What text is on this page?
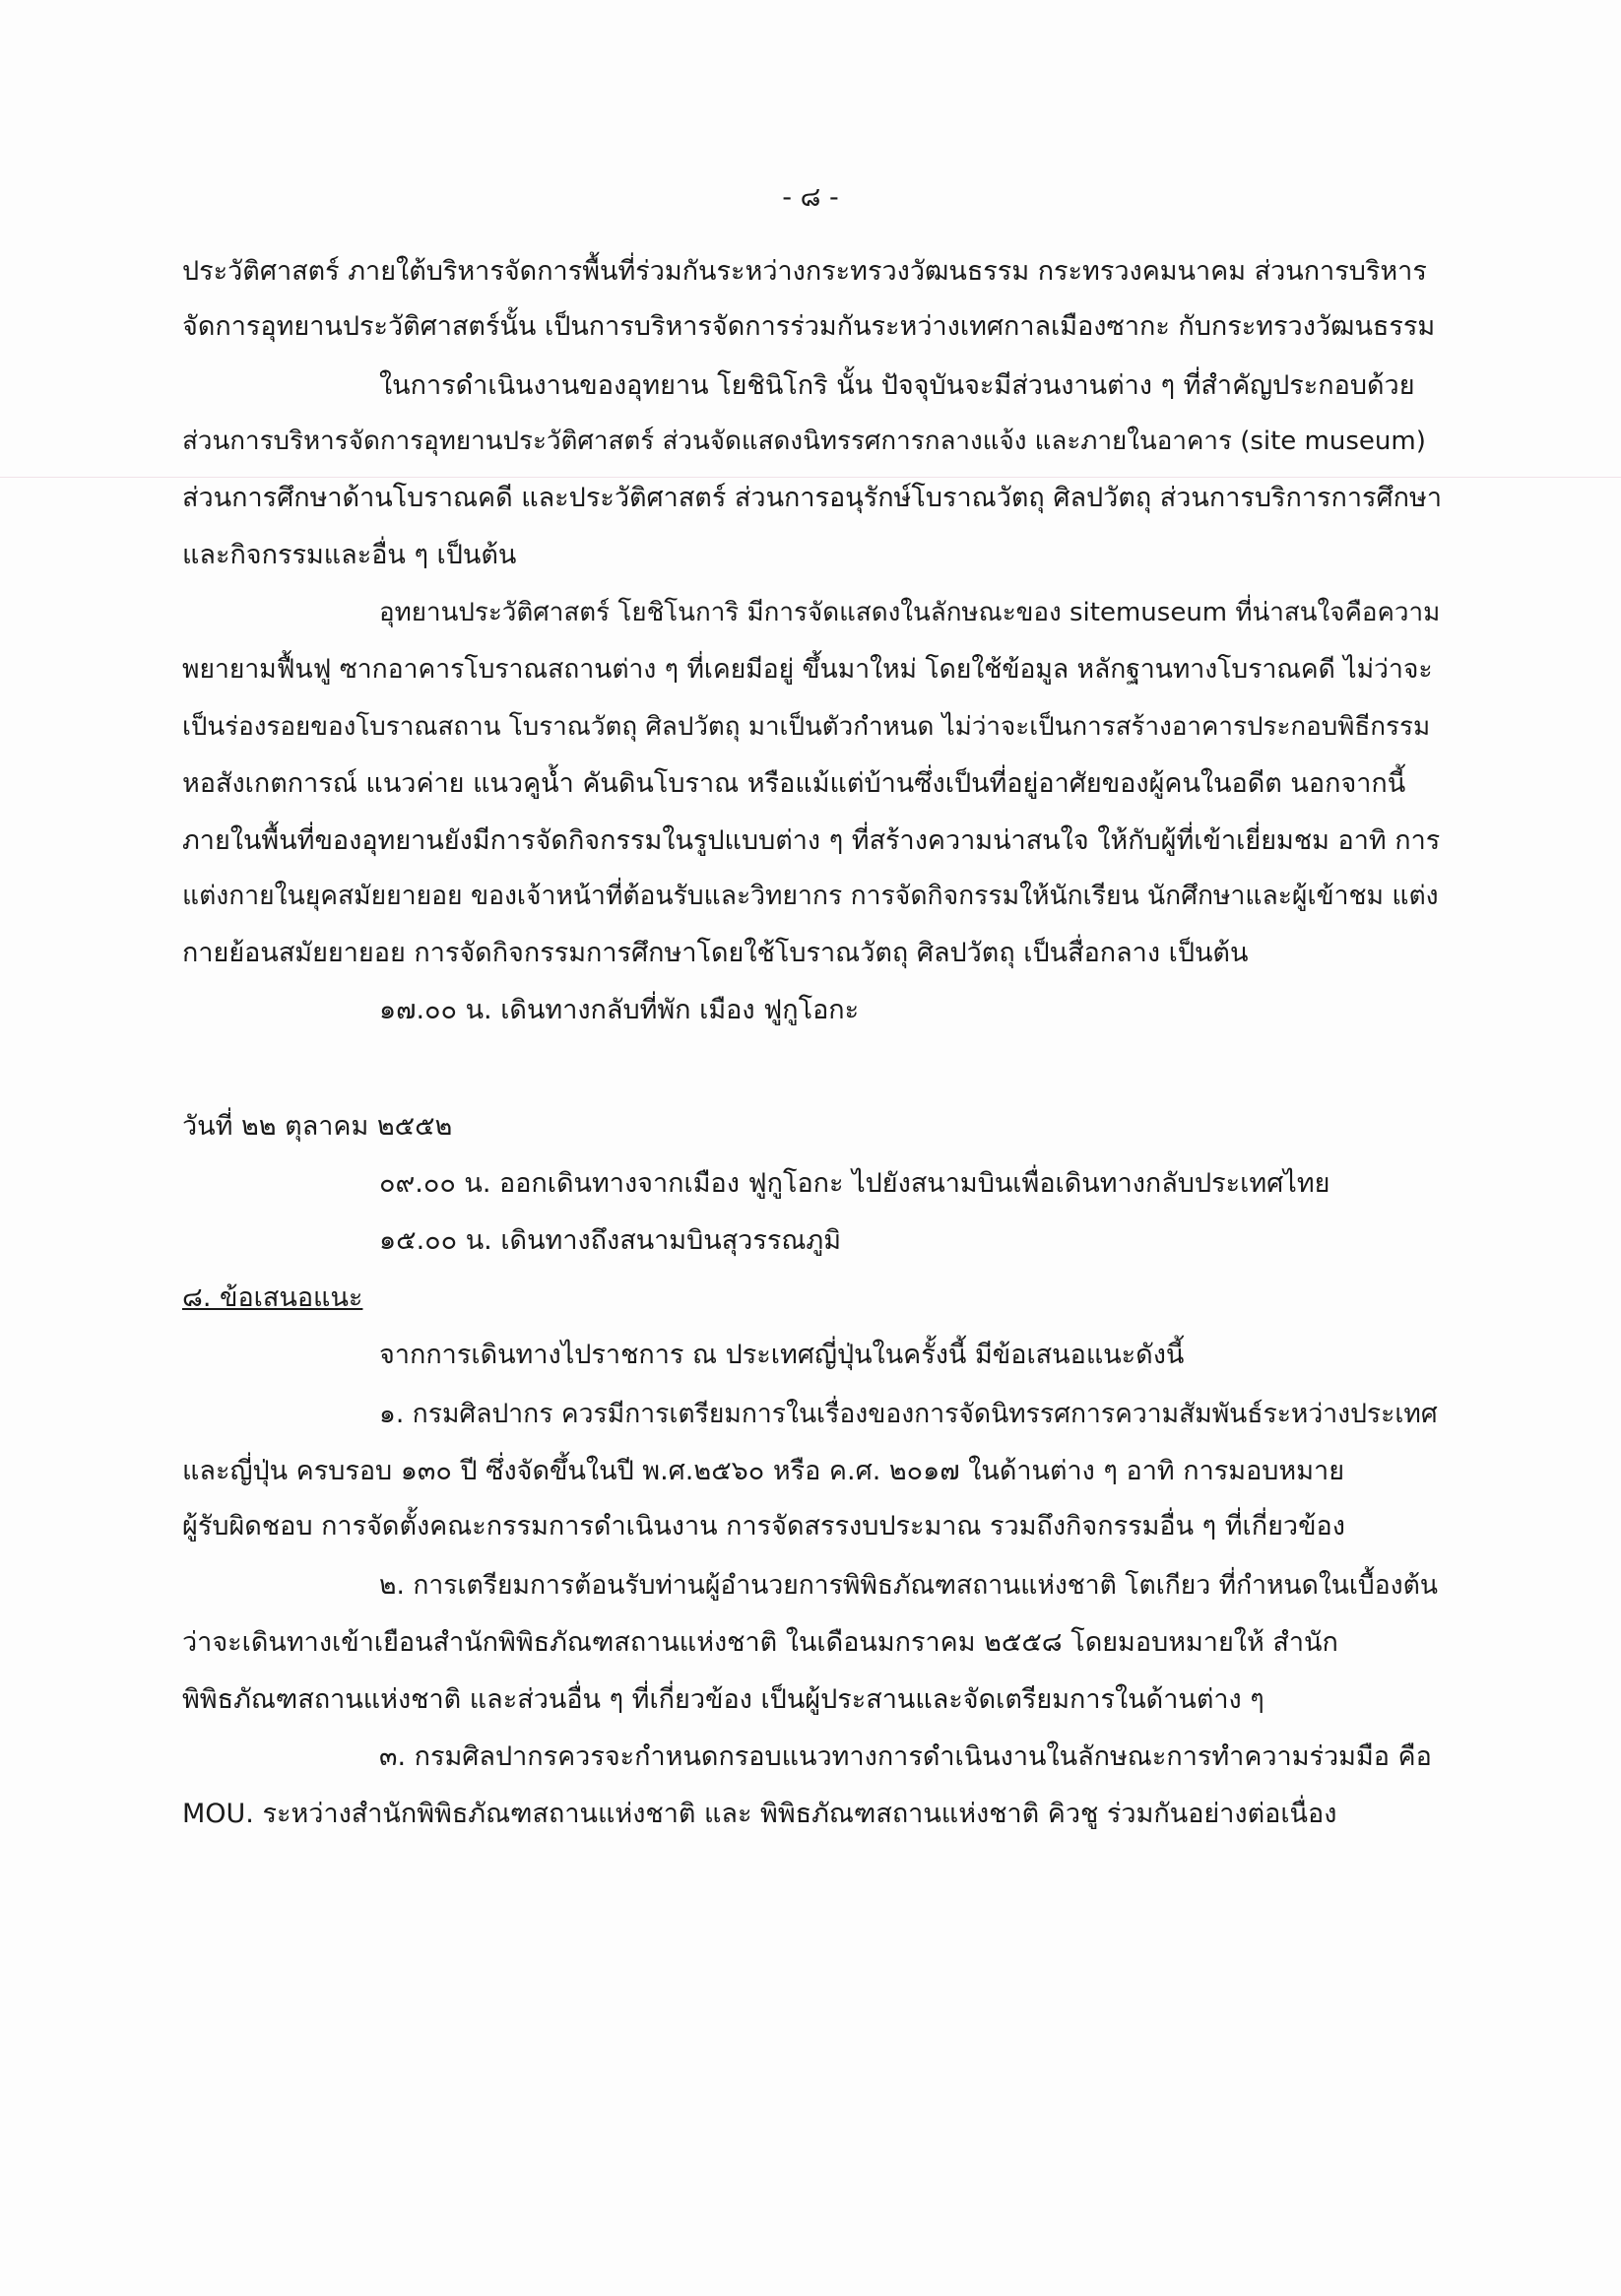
- ๘ -
ประวัติศาสตร์ ภายใต้บริหารจัดการพื้นที่ร่วมกันระหว่างกระทรวงวัฒนธรรม กระทรวงคมนาคม ส่วนการบริหาร
จัดการอุทยานประวัติศาสตร์นั้น เป็นการบริหารจัดการร่วมกันระหว่างเทศกาลเมืองซากะ กับกระทรวงวัฒนธรรม
ในการดำเนินงานของอุทยาน โยชินิโกริ นั้น ปัจจุบันจะมีส่วนงานต่าง ๆ ที่สำคัญประกอบด้วย
ส่วนการบริหารจัดการอุทยานประวัติศาสตร์ ส่วนจัดแสดงนิทรรศการกลางแจ้ง และภายในอาคาร (site museum)
ส่วนการศึกษาด้านโบราณคดี และประวัติศาสตร์ ส่วนการอนุรักษ์โบราณวัตถุ ศิลปวัตถุ ส่วนการบริการการศึกษา
และกิจกรรมและอื่น ๆ เป็นต้น
อุทยานประวัติศาสตร์ โยชิโนการิ มีการจัดแสดงในลักษณะของ sitemuseum ที่น่าสนใจคือความ
พยายามฟื้นฟู ซากอาคารโบราณสถานต่าง ๆ ที่เคยมีอยู่ ขึ้นมาใหม่ โดยใช้ข้อมูล หลักฐานทางโบราณคดี ไม่ว่าจะ
เป็นร่องรอยของโบราณสถาน โบราณวัตถุ ศิลปวัตถุ มาเป็นตัวกำหนด ไม่ว่าจะเป็นการสร้างอาคารประกอบพิธีกรรม
หอสังเกตการณ์ แนวค่าย แนวคูน้ำ คันดินโบราณ หรือแม้แต่บ้านซึ่งเป็นที่อยู่อาศัยของผู้คนในอดีต นอกจากนี้
ภายในพื้นที่ของอุทยานยังมีการจัดกิจกรรมในรูปแบบต่าง ๆ ที่สร้างความน่าสนใจ ให้กับผู้ที่เข้าเยี่ยมชม อาทิ การ
แต่งกายในยุคสมัยยายอย ของเจ้าหน้าที่ต้อนรับและวิทยากร การจัดกิจกรรมให้นักเรียน นักศึกษาและผู้เข้าชม แต่ง
กายย้อนสมัยยายอย การจัดกิจกรรมการศึกษาโดยใช้โบราณวัตถุ ศิลปวัตถุ เป็นสื่อกลาง เป็นต้น
๑๗.๐๐ น. เดินทางกลับที่พัก เมือง ฟูกูโอกะ
วันที่ ๒๒ ตุลาคม ๒๕๕๒
๐๙.๐๐ น. ออกเดินทางจากเมือง ฟูกูโอกะ ไปยังสนามบินเพื่อเดินทางกลับประเทศไทย
๑๕.๐๐ น. เดินทางถึงสนามบินสุวรรณภูมิ
๘. ข้อเสนอแนะ
จากการเดินทางไปราชการ ณ ประเทศญี่ปุ่นในครั้งนี้ มีข้อเสนอแนะดังนี้
๑. กรมศิลปากร ควรมีการเตรียมการในเรื่องของการจัดนิทรรศการความสัมพันธ์ระหว่างประเทศ
และญี่ปุ่น ครบรอบ ๑๓๐ ปี ซึ่งจัดขึ้นในปี พ.ศ.๒๕๖๐ หรือ ค.ศ. ๒๐๑๗ ในด้านต่าง ๆ อาทิ การมอบหมาย
ผู้รับผิดชอบ การจัดตั้งคณะกรรมการดำเนินงาน การจัดสรรงบประมาณ รวมถึงกิจกรรมอื่น ๆ ที่เกี่ยวข้อง
๒. การเตรียมการต้อนรับท่านผู้อำนวยการพิพิธภัณฑสถานแห่งชาติ โตเกียว ที่กำหนดในเบื้องต้น
ว่าจะเดินทางเข้าเยือนสำนักพิพิธภัณฑสถานแห่งชาติ ในเดือนมกราคม ๒๕๕๘ โดยมอบหมายให้ สำนัก
พิพิธภัณฑสถานแห่งชาติ และส่วนอื่น ๆ ที่เกี่ยวข้อง เป็นผู้ประสานและจัดเตรียมการในด้านต่าง ๆ
๓. กรมศิลปากรควรจะกำหนดกรอบแนวทางการดำเนินงานในลักษณะการทำความร่วมมือ คือ
MOU. ระหว่างสำนักพิพิธภัณฑสถานแห่งชาติ และ พิพิธภัณฑสถานแห่งชาติ คิวชู ร่วมกันอย่างต่อเนื่อง
